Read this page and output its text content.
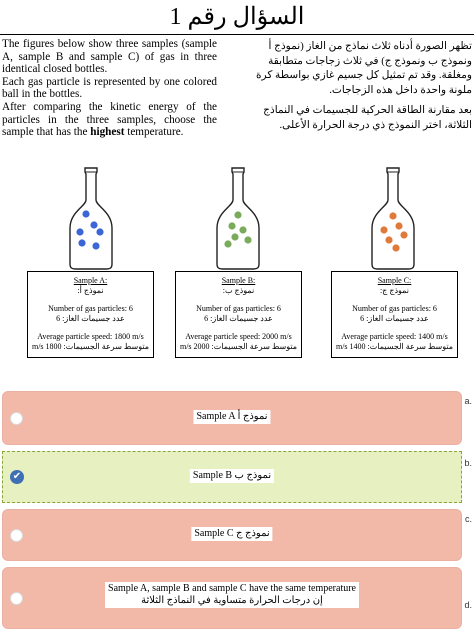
السؤال رقم 1

The figures below show three samples (sample A, sample B and sample C) of gas in three identical closed bottles.

Each gas particle is represented by one colored ball in the bottles.

After comparing the kinetic energy of the particles in the three samples, choose the sample that has the highest temperature.

تظهر الصورة أدناه ثلاث نماذج من الغاز (نموذج أ ونموذج ب ونموذج ج) في ثلاث زجاجات متطابقة ومغلقة. وقد تم تمثيل كل جسيم غازي بواسطة كرة ملونة واحدة داخل هذه الزجاجات.

بعد مقارنة الطاقة الحركية للجسيمات في النماذج الثلاثة، اختر النموذج ذي درجة الحرارة الأعلى.

Sample A:
نموذج أ:
Number of gas particles: 6
عدد جسيمات الغاز: 6
Average particle speed: 1800 m/s
متوسط سرعة الجسيمات: 1800 m/s
Sample B:
نموذج ب:
Number of gas particles: 6
عدد جسيمات الغاز: 6
Average particle speed: 2000 m/s
متوسط سرعة الجسيمات: 2000 m/s
Sample C:
نموذج ج:
Number of gas particles: 6
عدد جسيمات الغاز: 6
Average particle speed: 1400 m/s
متوسط سرعة الجسيمات: 1400 m/s
Sample A نموذج أ
a.
✔	Sample B نموذج ب
b.
Sample C نموذج ج
c.
Sample A, sample B and sample C have the same temperature
إن درجات الحرارة متساوية في النماذج الثلاثة	d.
